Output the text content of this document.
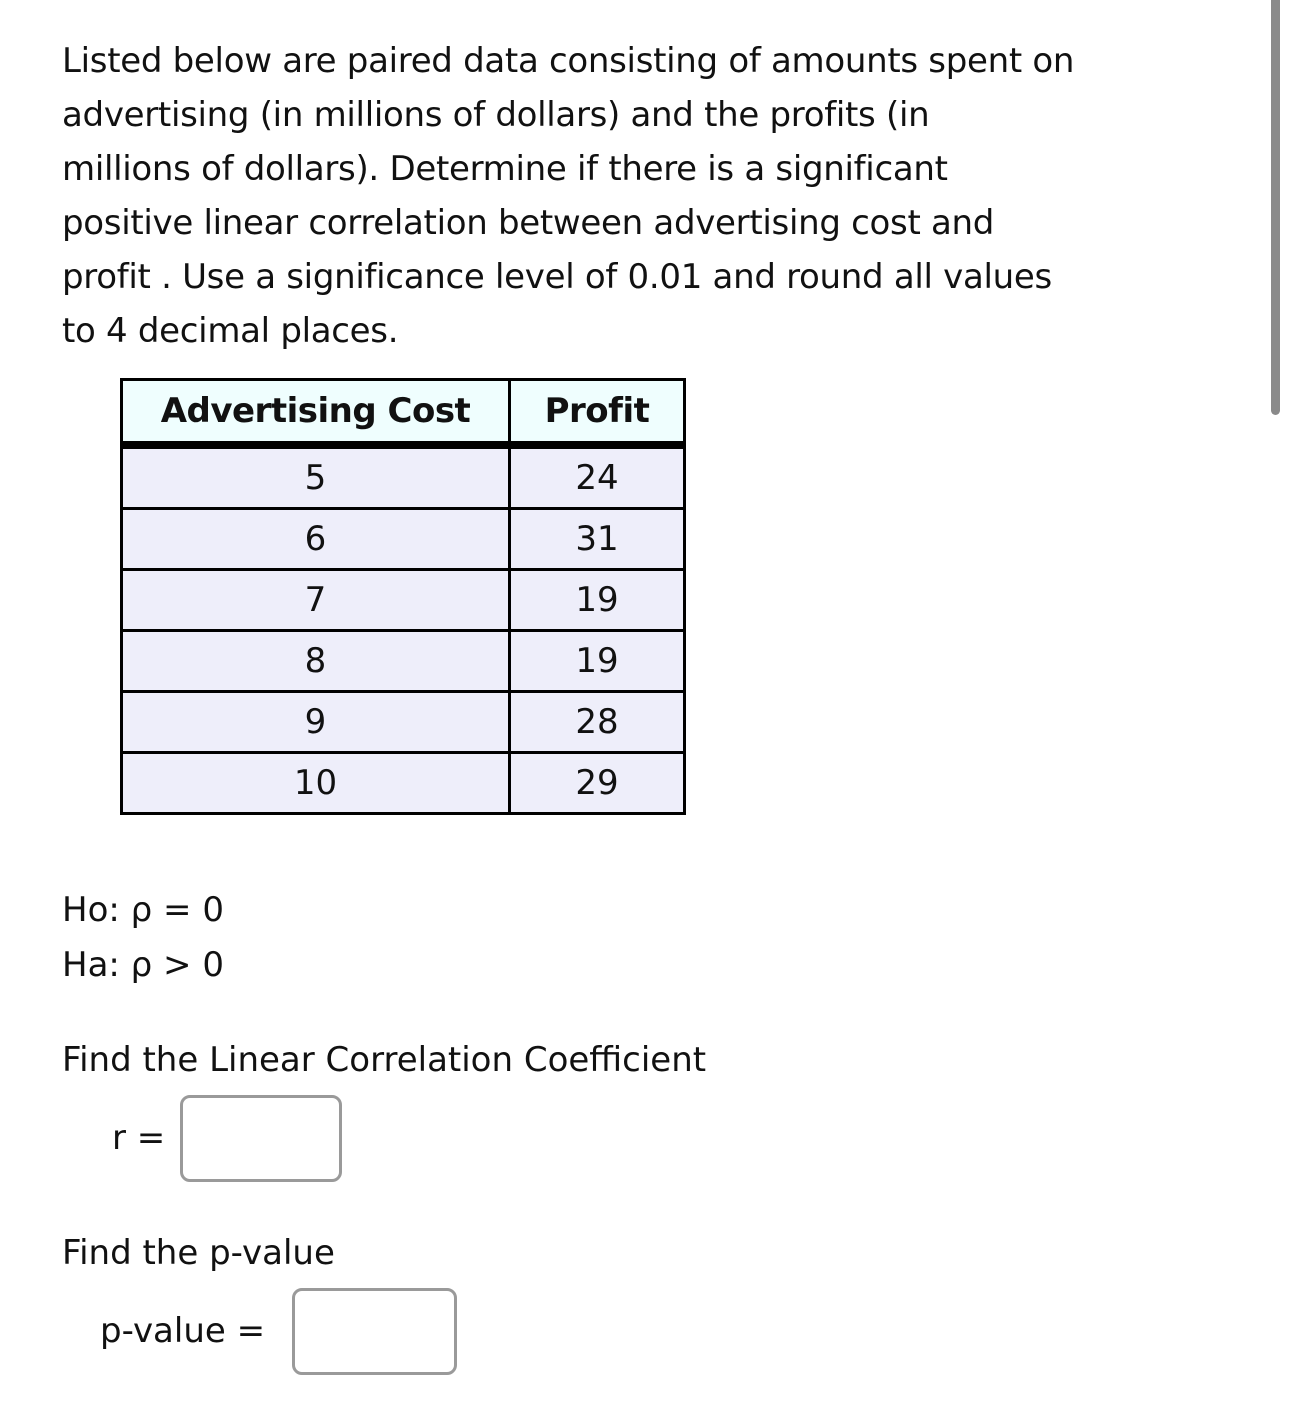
Listed below are paired data consisting of amounts spent on
advertising (in millions of dollars) and the profits (in
millions of dollars). Determine if there is a significant
positive linear correlation between advertising cost and
profit . Use a significance level of 0.01 and round all values
to 4 decimal places.
Advertising Cost	Profit
5	24
6	31
7	19
8	19
9	28
10	29
Ho: ρ = 0
Ha: ρ > 0
Find the Linear Correlation Coefficient
r =
Find the p-value
p-value =
